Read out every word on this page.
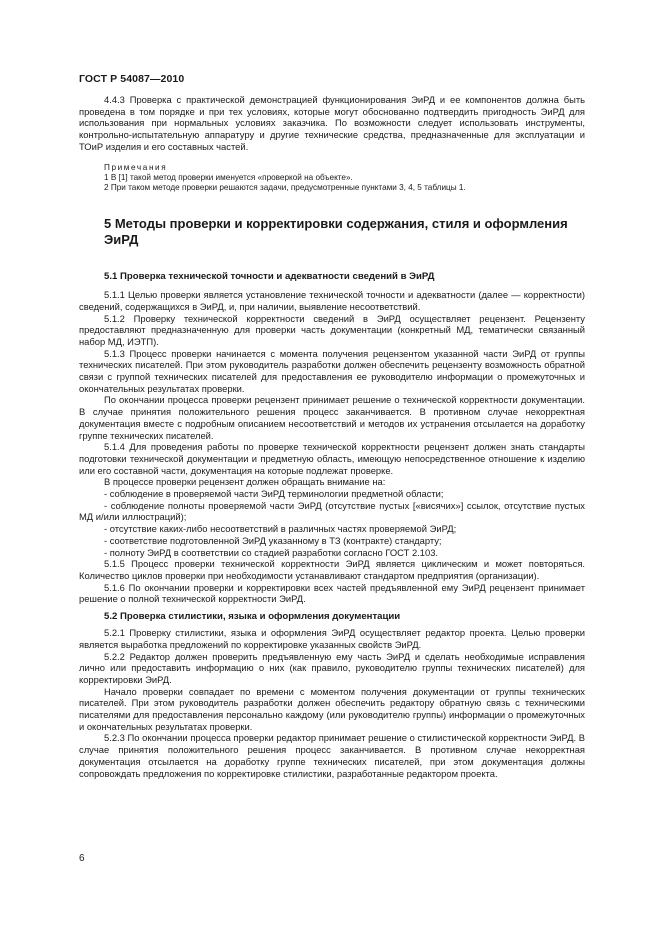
ГОСТ Р 54087—2010

4.4.3 Проверка с практической демонстрацией функционирования ЭиРД и ее компонентов должна быть проведена в том порядке и при тех условиях, которые могут обоснованно подтвердить пригодность ЭиРД для использования при нормальных условиях заказчика. По возможности следует использовать инструменты, контрольно-испытательную аппаратуру и другие технические средства, предназначенные для эксплуатации и ТОиР изделия и его составных частей.

Примечания

1 В [1] такой метод проверки именуется «проверкой на объекте».

2 При таком методе проверки решаются задачи, предусмотренные пунктами 3, 4, 5 таблицы 1.

5 Методы проверки и корректировки содержания, стиля и оформления ЭиРД
5.1 Проверка технической точности и адекватности сведений в ЭиРД

5.1.1 Целью проверки является установление технической точности и адекватности (далее — корректности) сведений, содержащихся в ЭиРД, и, при наличии, выявление несоответствий.

5.1.2 Проверку технической корректности сведений в ЭиРД осуществляет рецензент. Рецензенту предоставляют предназначенную для проверки часть документации (конкретный МД, тематически связанный набор МД, ИЭТП).

5.1.3 Процесс проверки начинается с момента получения рецензентом указанной части ЭиРД от группы технических писателей. При этом руководитель разработки должен обеспечить рецензенту возможность обратной связи с группой технических писателей для предоставления ее руководителю информации о промежуточных и окончательных результатах проверки.

По окончании процесса проверки рецензент принимает решение о технической корректности документации. В случае принятия положительного решения процесс заканчивается. В противном случае некорректная документация вместе с подробным описанием несоответствий и методов их устранения отсылается на доработку группе технических писателей.

5.1.4 Для проведения работы по проверке технической корректности рецензент должен знать стандарты подготовки технической документации и предметную область, имеющую непосредственное отношение к изделию или его составной части, документация на которые подлежат проверке.

В процессе проверки рецензент должен обращать внимание на:

- соблюдение в проверяемой части ЭиРД терминологии предметной области;

- соблюдение полноты проверяемой части ЭиРД (отсутствие пустых [«висячих»] ссылок, отсутствие пустых МД и/или иллюстраций);

- отсутствие каких-либо несоответствий в различных частях проверяемой ЭиРД;

- соответствие подготовленной ЭиРД указанному в ТЗ (контракте) стандарту;

- полноту ЭиРД в соответствии со стадией разработки согласно ГОСТ 2.103.

5.1.5 Процесс проверки технической корректности ЭиРД является циклическим и может повторяться. Количество циклов проверки при необходимости устанавливают стандартом предприятия (организации).

5.1.6 По окончании проверки и корректировки всех частей предъявленной ему ЭиРД рецензент принимает решение о полной технической корректности ЭиРД.

5.2 Проверка стилистики, языка и оформления документации

5.2.1 Проверку стилистики, языка и оформления ЭиРД осуществляет редактор проекта. Целью проверки является выработка предложений по корректировке указанных свойств ЭиРД.

5.2.2 Редактор должен проверить предъявленную ему часть ЭиРД и сделать необходимые исправления лично или предоставить информацию о них (как правило, руководителю группы технических писателей) для корректировки ЭиРД.

Начало проверки совпадает по времени с моментом получения документации от группы технических писателей. При этом руководитель разработки должен обеспечить редактору обратную связь с техническими писателями для предоставления персонально каждому (или руководителю группы) информации о промежуточных и окончательных результатах проверки.

5.2.3 По окончании процесса проверки редактор принимает решение о стилистической корректности ЭиРД. В случае принятия положительного решения процесс заканчивается. В противном случае некорректная документация отсылается на доработку группе технических писателей, при этом документация должны сопровождать предложения по корректировке стилистики, разработанные редактором проекта.

6
